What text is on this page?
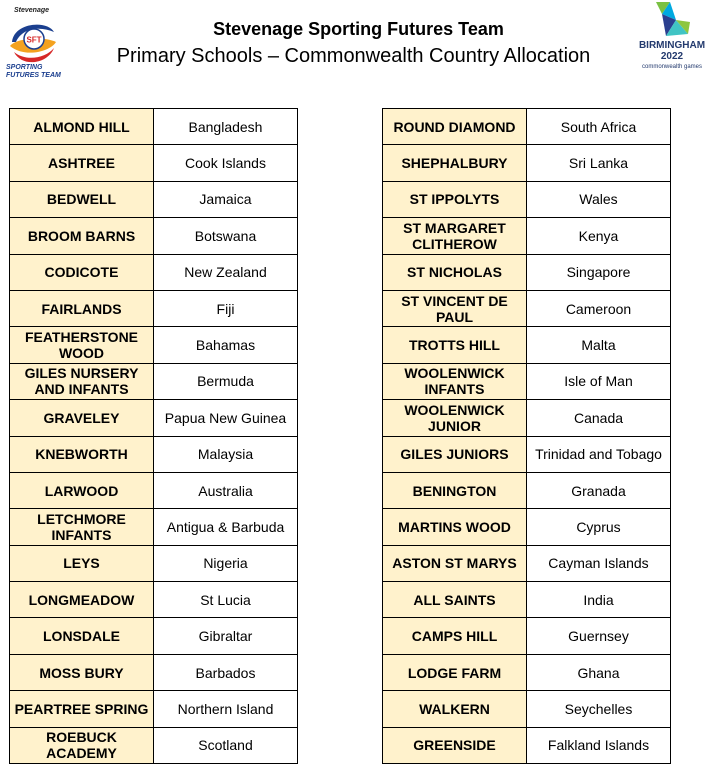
Stevenage
SFT
SPORTING FUTURES TEAM
Stevenage Sporting Futures Team
Primary Schools – Commonwealth Country Allocation	BIRMINGHAM 2022
commonwealth games
ALMOND HILL	Bangladesh
ASHTREE	Cook Islands
BEDWELL	Jamaica
BROOM BARNS	Botswana
CODICOTE	New Zealand
FAIRLANDS	Fiji
FEATHERSTONE WOOD	Bahamas
GILES NURSERY AND INFANTS	Bermuda
GRAVELEY	Papua New Guinea
KNEBWORTH	Malaysia
LARWOOD	Australia
LETCHMORE INFANTS	Antigua & Barbuda
LEYS	Nigeria
LONGMEADOW	St Lucia
LONSDALE	Gibraltar
MOSS BURY	Barbados
PEARTREE SPRING	Northern Island
ROEBUCK ACADEMY	Scotland
ROUND DIAMOND	South Africa
SHEPHALBURY	Sri Lanka
ST IPPOLYTS	Wales
ST MARGARET CLITHEROW	Kenya
ST NICHOLAS	Singapore
ST VINCENT DE PAUL	Cameroon
TROTTS HILL	Malta
WOOLENWICK INFANTS	Isle of Man
WOOLENWICK JUNIOR	Canada
GILES JUNIORS	Trinidad and Tobago
BENINGTON	Granada
MARTINS WOOD	Cyprus
ASTON ST MARYS	Cayman Islands
ALL SAINTS	India
CAMPS HILL	Guernsey
LODGE FARM	Ghana
WALKERN	Seychelles
GREENSIDE	Falkland Islands
